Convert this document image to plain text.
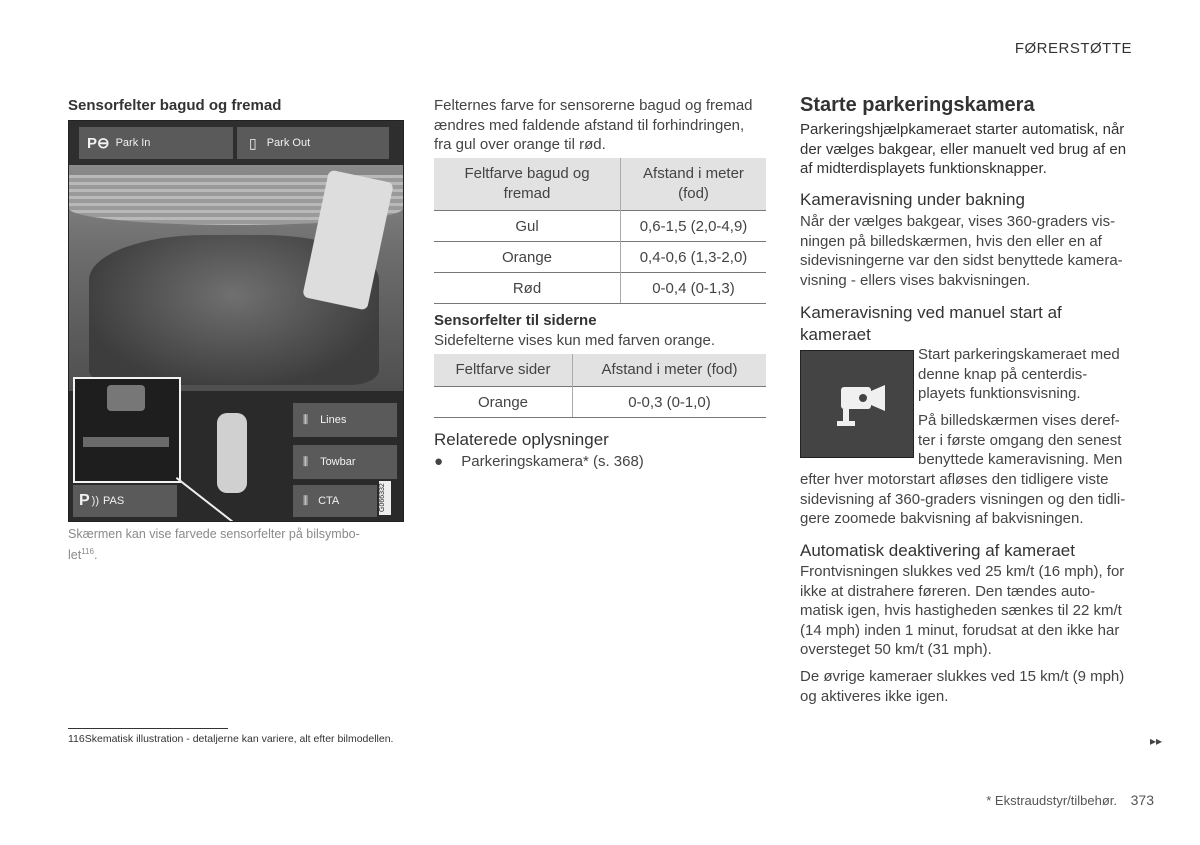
FØRERSTØTTE
Sensorfelter bagud og fremad
P⊖ Park In	▯ Park Out
⫼ Lines
⫼ Towbar
P )) PAS	⫼ CTA	G066332
Skærmen kan vise farvede sensorfelter på bilsymbo-
let$^{116}$.
Felternes farve for sensorerne bagud og fremad ændres med faldende afstand til forhindringen, fra gul over orange til rød.
Feltfarve bagud og fremad	Afstand i meter (fod)
Gul	0,6-1,5 (2,0-4,9)
Orange	0,4-0,6 (1,3-2,0)
Rød	0-0,4 (0-1,3)
Sensorfelter til siderne
Sidefelterne vises kun med farven orange.
Feltfarve sider	Afstand i meter (fod)
Orange	0-0,3 (0-1,0)
Relaterede oplysninger
● Parkeringskamera* (s. 368)
Starte parkeringskamera
Parkeringshjælpkameraet starter automatisk, når der vælges bakgear, eller manuelt ved brug af en af midterdisplayets funktionsknapper.
Kameravisning under bakning
Når der vælges bakgear, vises 360-graders vis-ningen på billedskærmen, hvis den eller en af sidevisningerne var den sidst benyttede kamera-visning - ellers vises bakvisningen.
Kameravisning ved manuel start af kameraet
Start parkeringskameraet med denne knap på centerdis-playets funktionsvisning.
På billedskærmen vises deref-ter i første omgang den senest benyttede kameravisning. Men
efter hver motorstart afløses den tidligere viste sidevisning af 360-graders visningen og den tidli-gere zoomede bakvisning af bakvisningen.
Automatisk deaktivering af kameraet
Frontvisningen slukkes ved 25 km/t (16 mph), for ikke at distrahere føreren. Den tændes auto-matisk igen, hvis hastigheden sænkes til 22 km/t (14 mph) inden 1 minut, forudsat at den ikke har oversteget 50 km/t (31 mph).
De øvrige kameraer slukkes ved 15 km/t (9 mph) og aktiveres ikke igen.
116Skematisk illustration - detaljerne kan variere, alt efter bilmodellen.	▸▸
* Ekstraudstyr/tilbehør. 373
